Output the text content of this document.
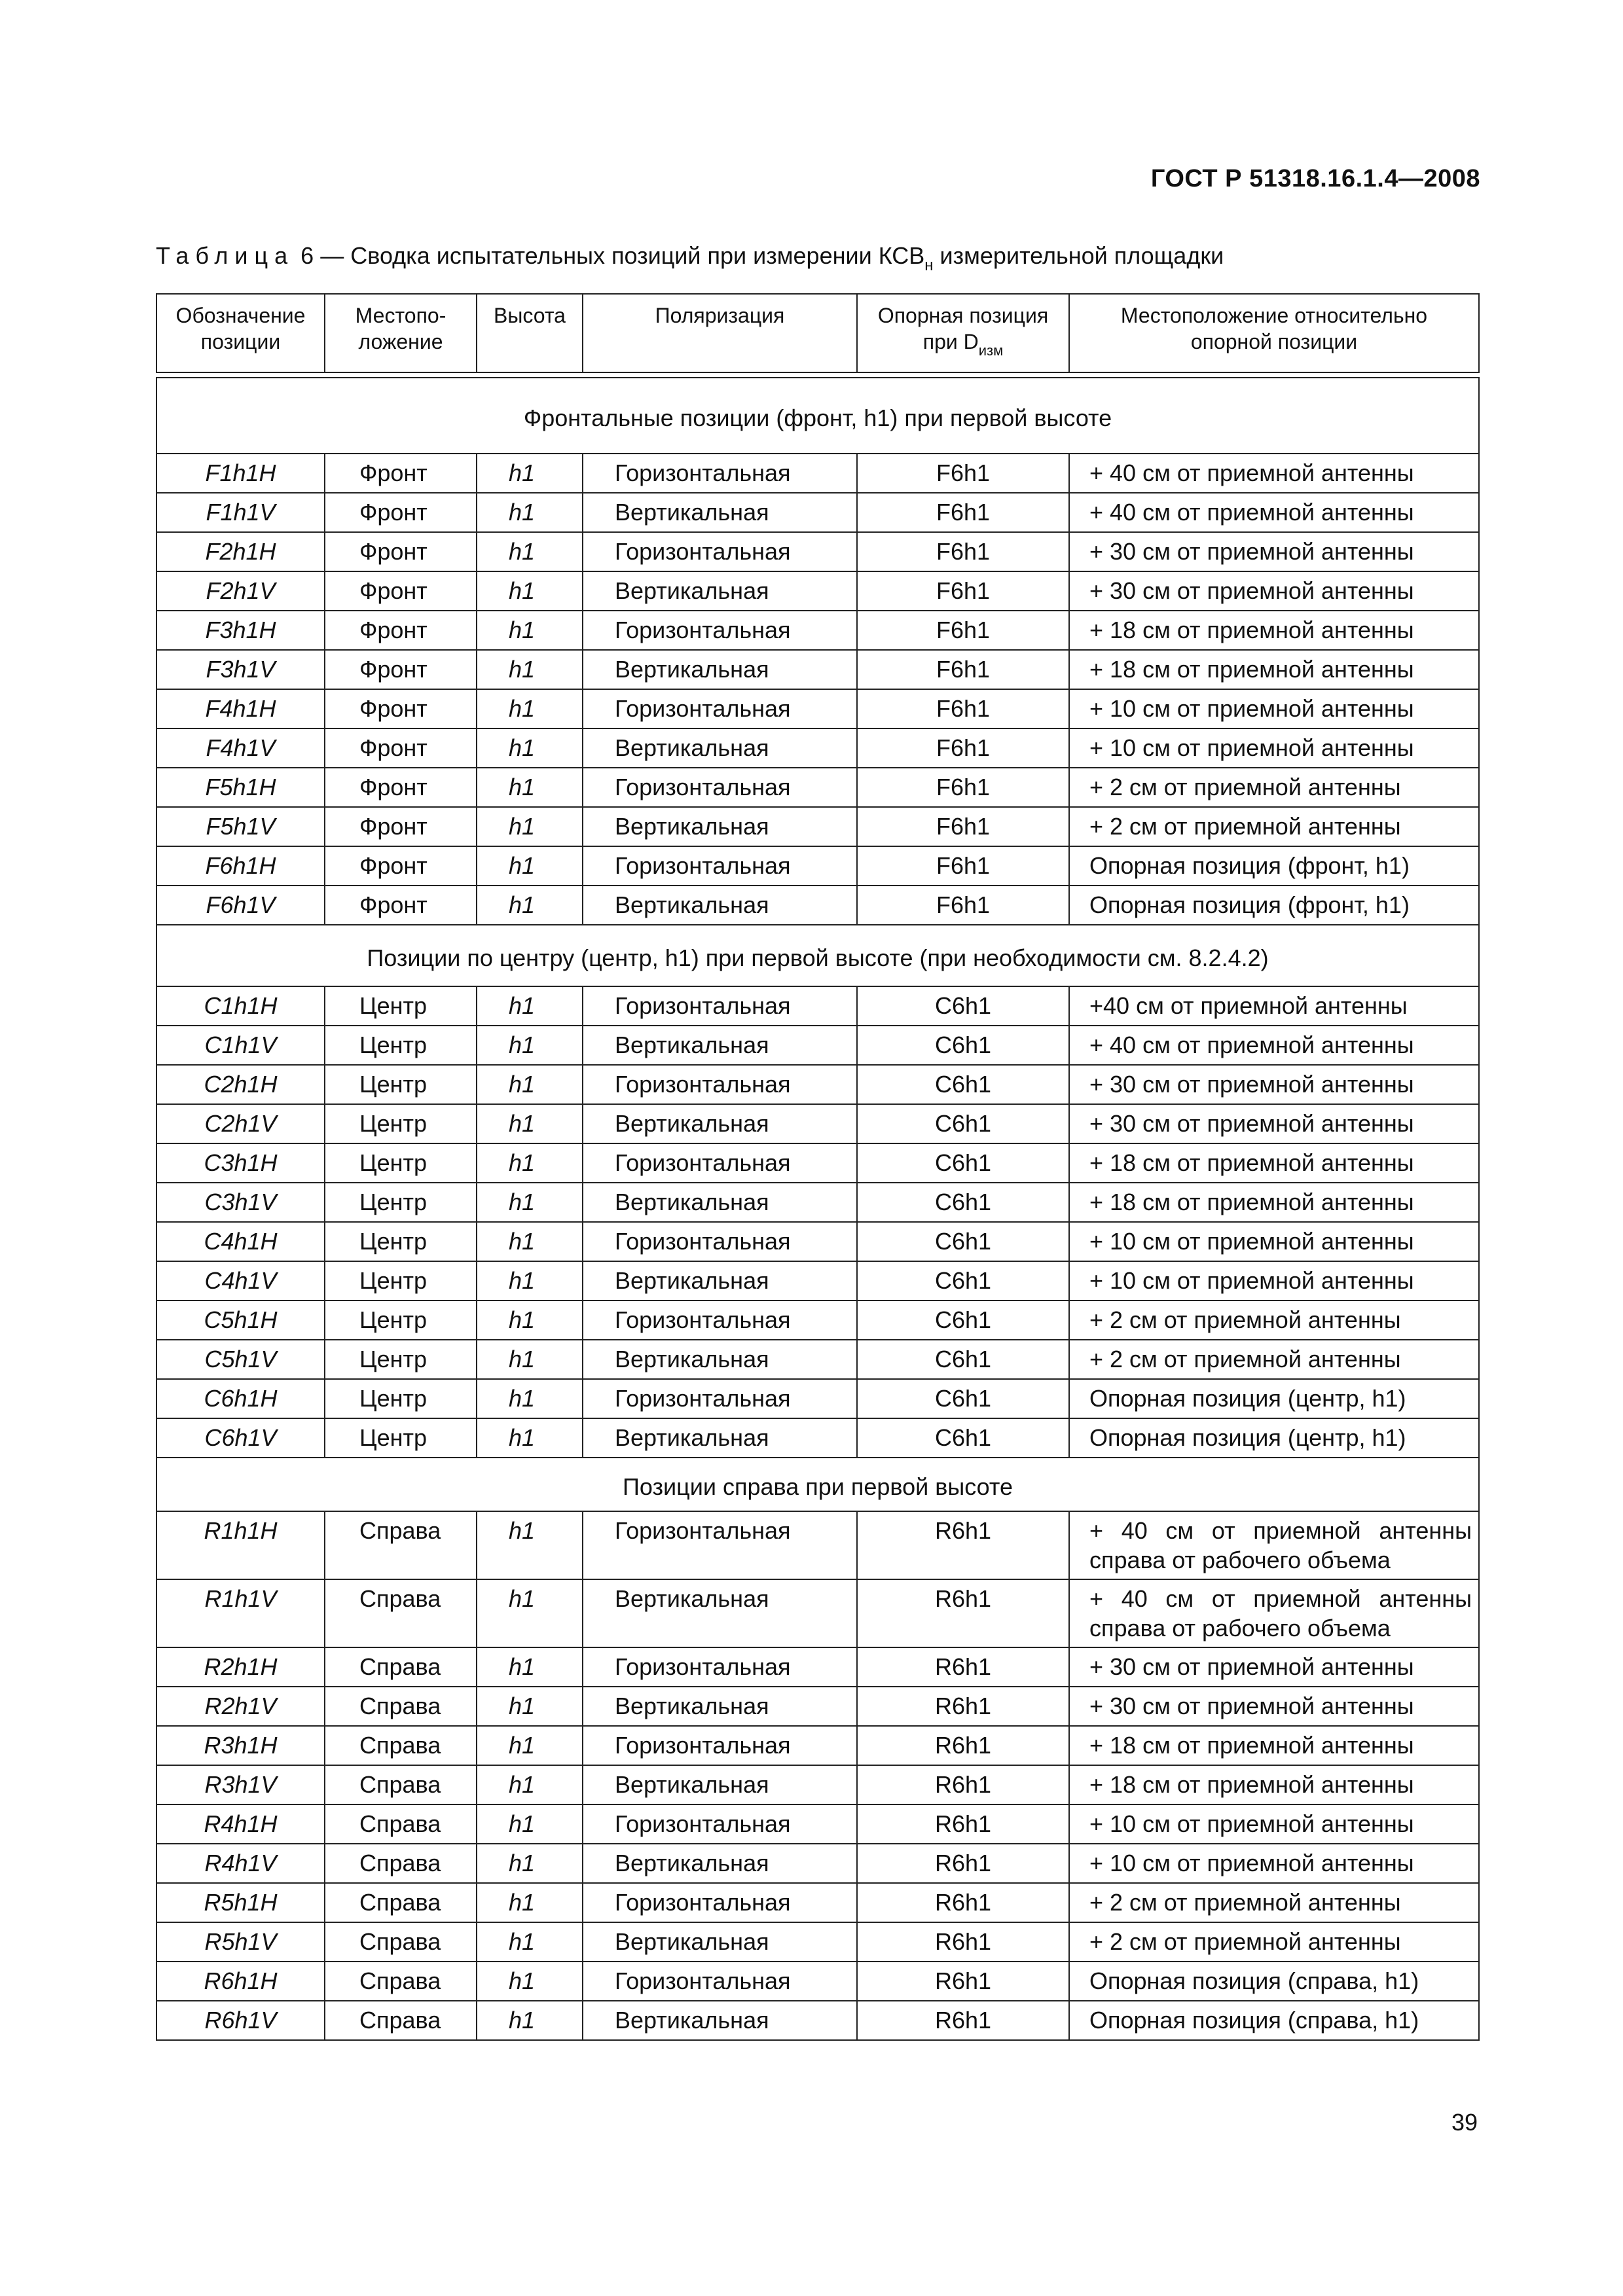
ГОСТ Р 51318.16.1.4—2008
Таблица 6 — Сводка испытательных позиций при измерении $КСВ_н$ измерительной площадки
Обозначение позиции	Местопо-ложение	Высота	Поляризация	Опорная позиция при $D_{изм}$	Местоположение относительно опорной позиции

Фронтальные позиции (фронт, h1) при первой высоте					
F1h1H	Фронт	h1	Горизонтальная	F6h1	+ 40 см от приемной антенны
F1h1V	Фронт	h1	Вертикальная	F6h1	+ 40 см от приемной антенны
F2h1H	Фронт	h1	Горизонтальная	F6h1	+ 30 см от приемной антенны
F2h1V	Фронт	h1	Вертикальная	F6h1	+ 30 см от приемной антенны
F3h1H	Фронт	h1	Горизонтальная	F6h1	+ 18 см от приемной антенны
F3h1V	Фронт	h1	Вертикальная	F6h1	+ 18 см от приемной антенны
F4h1H	Фронт	h1	Горизонтальная	F6h1	+ 10 см от приемной антенны
F4h1V	Фронт	h1	Вертикальная	F6h1	+ 10 см от приемной антенны
F5h1H	Фронт	h1	Горизонтальная	F6h1	+ 2 см от приемной антенны
F5h1V	Фронт	h1	Вертикальная	F6h1	+ 2 см от приемной антенны
F6h1H	Фронт	h1	Горизонтальная	F6h1	Опорная позиция (фронт, h1)
F6h1V	Фронт	h1	Вертикальная	F6h1	Опорная позиция (фронт, h1)
Позиции по центру (центр, h1) при первой высоте (при необходимости см. 8.2.4.2)					
C1h1H	Центр	h1	Горизонтальная	C6h1	+40 см от приемной антенны
C1h1V	Центр	h1	Вертикальная	C6h1	+ 40 см от приемной антенны
C2h1H	Центр	h1	Горизонтальная	C6h1	+ 30 см от приемной антенны
C2h1V	Центр	h1	Вертикальная	C6h1	+ 30 см от приемной антенны
C3h1H	Центр	h1	Горизонтальная	C6h1	+ 18 см от приемной антенны
C3h1V	Центр	h1	Вертикальная	C6h1	+ 18 см от приемной антенны
C4h1H	Центр	h1	Горизонтальная	C6h1	+ 10 см от приемной антенны
C4h1V	Центр	h1	Вертикальная	C6h1	+ 10 см от приемной антенны
C5h1H	Центр	h1	Горизонтальная	C6h1	+ 2 см от приемной антенны
C5h1V	Центр	h1	Вертикальная	C6h1	+ 2 см от приемной антенны
C6h1H	Центр	h1	Горизонтальная	C6h1	Опорная позиция (центр, h1)
C6h1V	Центр	h1	Вертикальная	C6h1	Опорная позиция (центр, h1)
Позиции справа при первой высоте					
R1h1H	Справа	h1	Горизонтальная	R6h1	+ 40 см от приемной антенны справа от рабочего объема
R1h1V	Справа	h1	Вертикальная	R6h1	+ 40 см от приемной антенны справа от рабочего объема
R2h1H	Справа	h1	Горизонтальная	R6h1	+ 30 см от приемной антенны
R2h1V	Справа	h1	Вертикальная	R6h1	+ 30 см от приемной антенны
R3h1H	Справа	h1	Горизонтальная	R6h1	+ 18 см от приемной антенны
R3h1V	Справа	h1	Вертикальная	R6h1	+ 18 см от приемной антенны
R4h1H	Справа	h1	Горизонтальная	R6h1	+ 10 см от приемной антенны
R4h1V	Справа	h1	Вертикальная	R6h1	+ 10 см от приемной антенны
R5h1H	Справа	h1	Горизонтальная	R6h1	+ 2 см от приемной антенны
R5h1V	Справа	h1	Вертикальная	R6h1	+ 2 см от приемной антенны
R6h1H	Справа	h1	Горизонтальная	R6h1	Опорная позиция (справа, h1)
R6h1V	Справа	h1	Вертикальная	R6h1	Опорная позиция (справа, h1)
39
